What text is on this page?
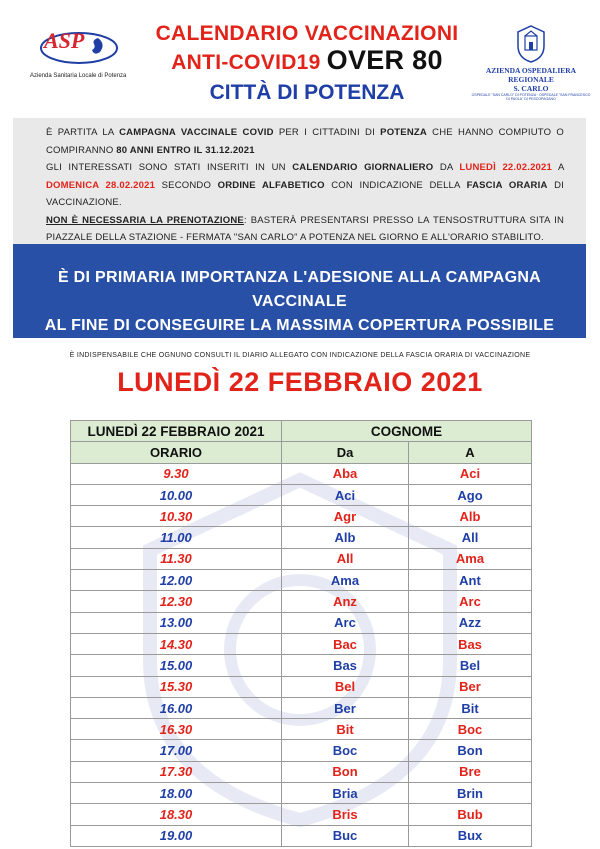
ASP
Azienda Sanitaria Locale di Potenza
CALENDARIO VACCINAZIONI
ANTI-COVID19 OVER 80
CITTÀ DI POTENZA
AZIENDA OSPEDALIERA REGIONALE
S. CARLO
OSPEDALE "SAN CARLO" DI POTENZA · OSPEDALE "SAN FRANCESCO DI PAOLA" DI PESCOPAGANO
È PARTITA LA CAMPAGNA VACCINALE COVID PER I CITTADINI DI POTENZA CHE HANNO COMPIUTO O COMPIRANNO 80 ANNI ENTRO IL 31.12.2021
GLI INTERESSATI SONO STATI INSERITI IN UN CALENDARIO GIORNALIERO DA LUNEDÌ 22.02.2021 A DOMENICA 28.02.2021 SECONDO ORDINE ALFABETICO CON INDICAZIONE DELLA FASCIA ORARIA DI VACCINAZIONE.
NON È NECESSARIA LA PRENOTAZIONE: BASTERÀ PRESENTARSI PRESSO LA TENSOSTRUTTURA SITA IN PIAZZALE DELLA STAZIONE - FERMATA "SAN CARLO" A POTENZA NEL GIORNO E ALL'ORARIO STABILITO.
È DI PRIMARIA IMPORTANZA L'ADESIONE ALLA CAMPAGNA VACCINALE
AL FINE DI CONSEGUIRE LA MASSIMA COPERTURA POSSIBILE
È INDISPENSABILE CHE OGNUNO CONSULTI IL DIARIO ALLEGATO CON INDICAZIONE DELLA FASCIA ORARIA DI VACCINAZIONE
LUNEDÌ 22 FEBBRAIO 2021
LUNEDÌ 22 FEBBRAIO 2021	COGNOME	
ORARIO	Da	A
9.30	Aba	Aci
10.00	Aci	Ago
10.30	Agr	Alb
11.00	Alb	All
11.30	All	Ama
12.00	Ama	Ant
12.30	Anz	Arc
13.00	Arc	Azz
14.30	Bac	Bas
15.00	Bas	Bel
15.30	Bel	Ber
16.00	Ber	Bit
16.30	Bit	Boc
17.00	Boc	Bon
17.30	Bon	Bre
18.00	Bria	Brin
18.30	Bris	Bub
19.00	Buc	Bux
